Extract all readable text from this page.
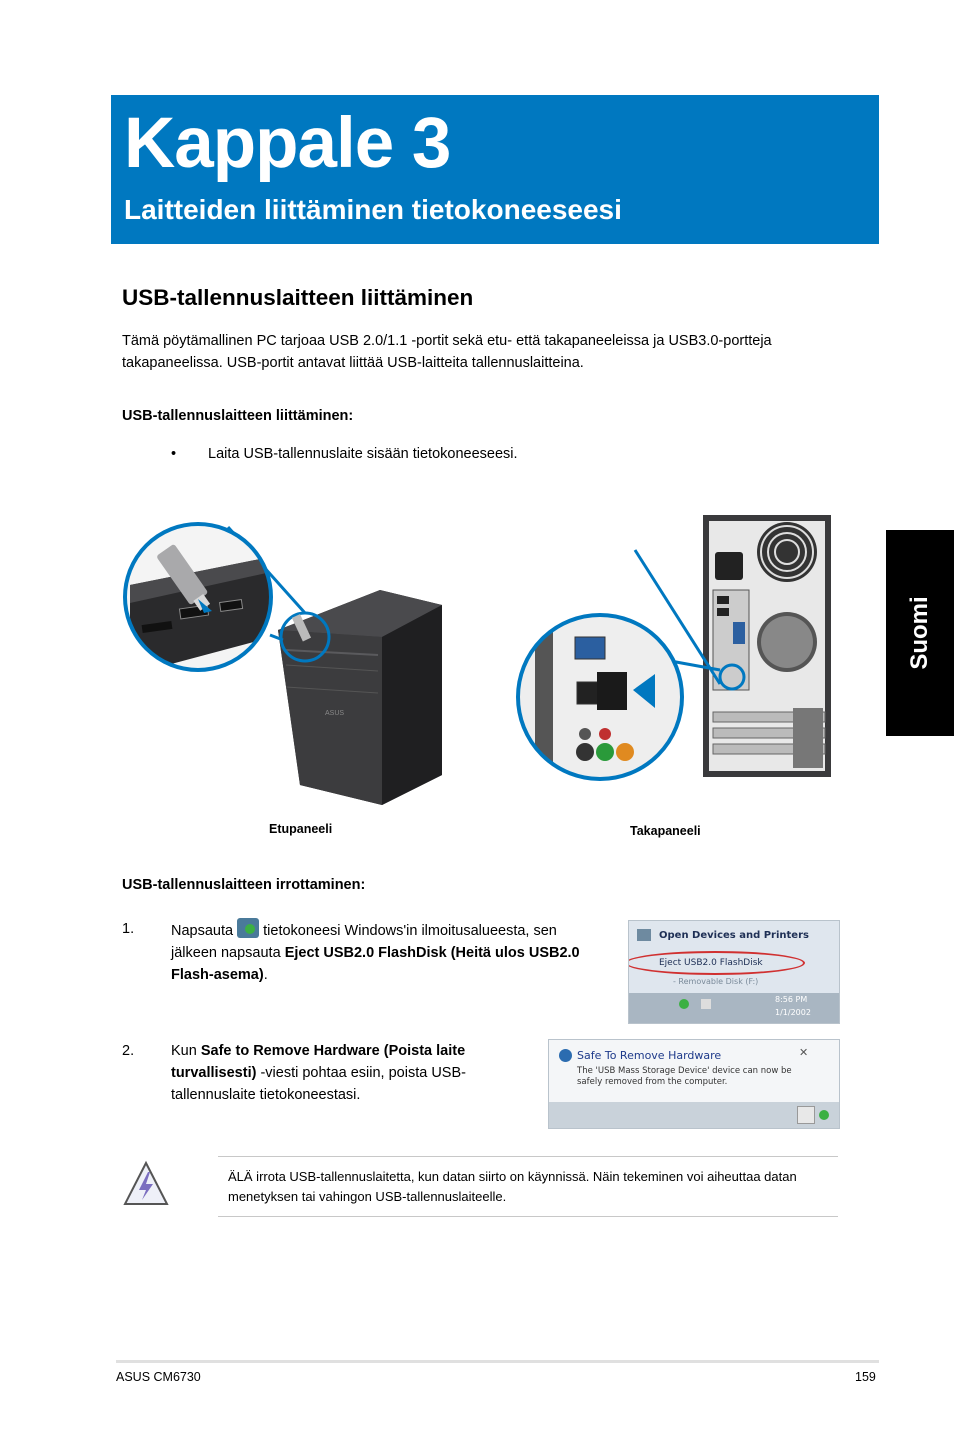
Kappale 3
Laitteiden liittäminen tietokoneeseesi
Suomi
USB-tallennuslaitteen liittäminen
Tämä pöytämallinen PC tarjoaa USB 2.0/1.1 -portit sekä etu- että takapaneeleissa ja USB3.0-portteja takapaneelissa. USB-portit antavat liittää USB-laitteita tallennuslaitteina.
USB-tallennuslaitteen liittäminen:
• Laita USB-tallennuslaite sisään tietokoneeseesi.
ASUS
Etupaneeli	Takapaneeli
USB-tallennuslaitteen irrottaminen:
1.	Napsauta tietokoneesi Windows'in ilmoitusalueesta, sen jälkeen napsauta Eject USB2.0 FlashDisk (Heitä ulos USB2.0 Flash-asema).
Open Devices and Printers
Eject USB2.0 FlashDisk
- Removable Disk (F:)
8:56 PM
1/1/2002
2.	Kun Safe to Remove Hardware (Poista laite turvallisesti) -viesti pohtaa esiin, poista USB-tallennuslaite tietokoneestasi.
Safe To Remove Hardware	✕
The 'USB Mass Storage Device' device can now be safely removed from the computer.
ÄLÄ irrota USB-tallennuslaitetta, kun datan siirto on käynnissä. Näin tekeminen voi aiheuttaa datan menetyksen tai vahingon USB-tallennuslaiteelle.
ASUS CM6730	159
